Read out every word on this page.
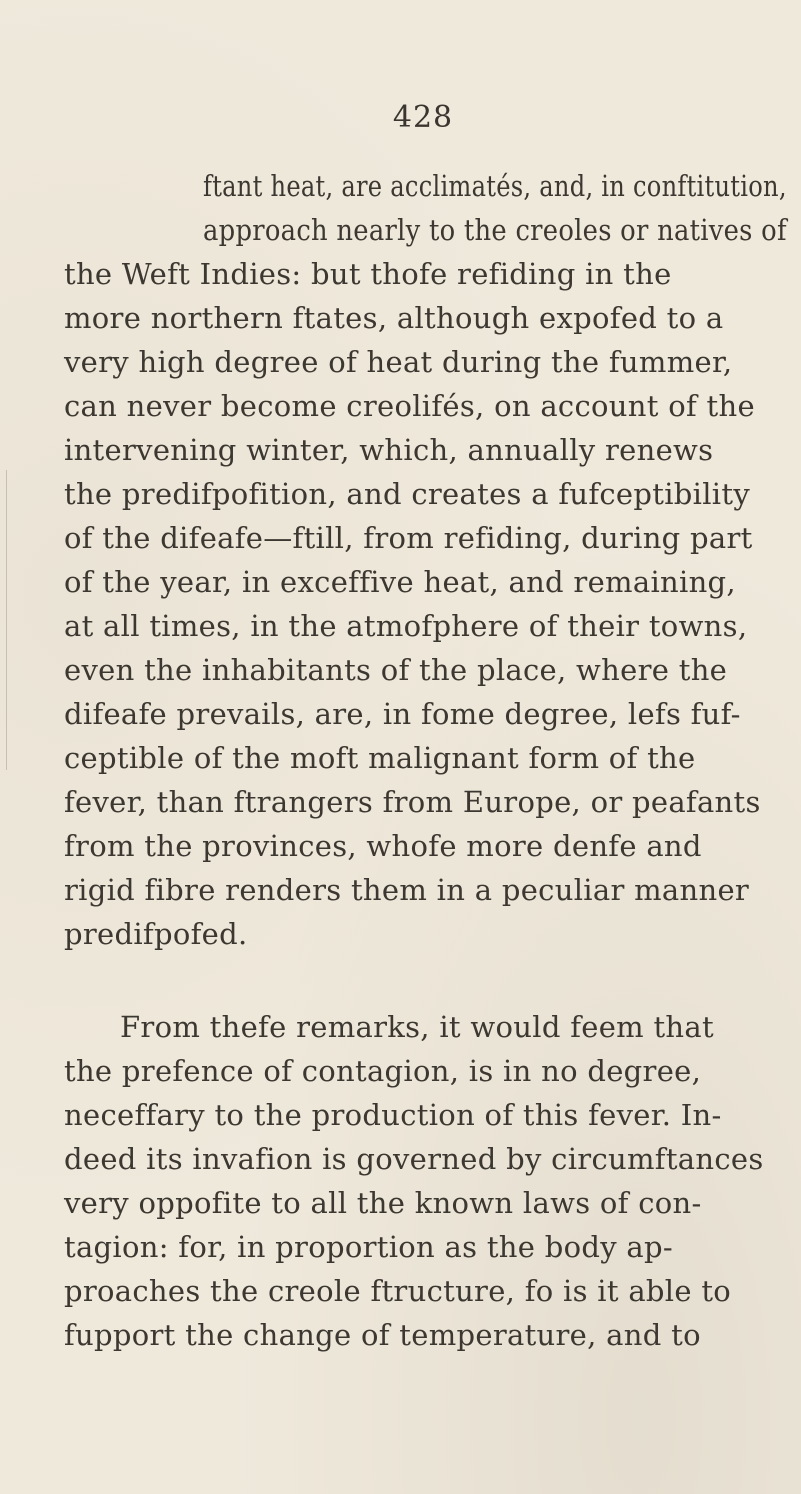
428
ftant heat, are acclimatés, and, in conftitution,
approach nearly to the creoles or natives of
the Weft Indies: but thofe refiding in the
more northern ftates, although expofed to a
very high degree of heat during the fummer,
can never become creolifés, on account of the
intervening winter, which, annually renews
the predifpofition, and creates a fufceptibility
of the difeafe—ftill, from refiding, during part
of the year, in exceffive heat, and remaining,
at all times, in the atmofphere of their towns,
even the inhabitants of the place, where the
difeafe prevails, are, in fome degree, lefs fuf-
ceptible of the moft malignant form of the
fever, than ftrangers from Europe, or peafants
from the provinces, whofe more denfe and
rigid fibre renders them in a peculiar manner
predifpofed.
From thefe remarks, it would feem that
the prefence of contagion, is in no degree,
neceffary to the production of this fever. In-
deed its invafion is governed by circumftances
very oppofite to all the known laws of con-
tagion: for, in proportion as the body ap-
proaches the creole ftructure, fo is it able to
fupport the change of temperature, and to
